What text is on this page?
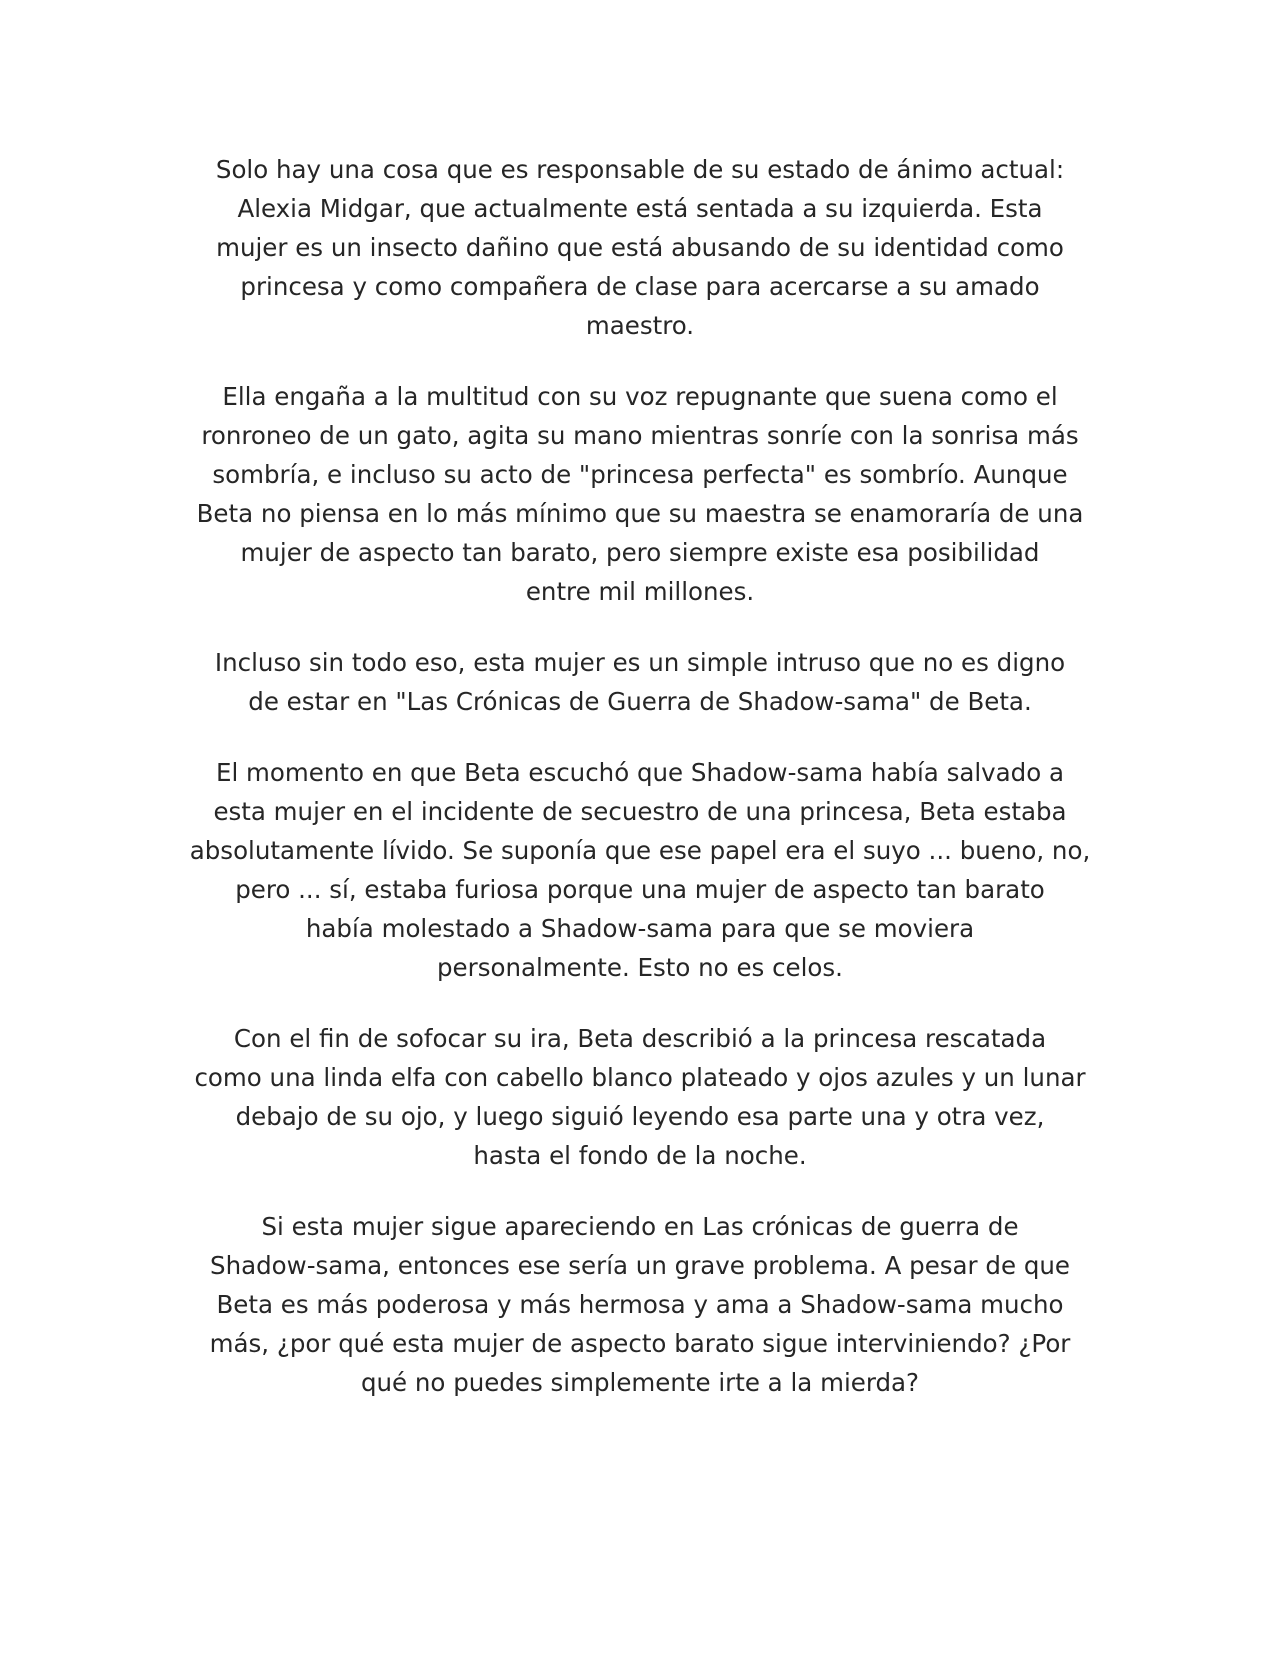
Solo hay una cosa que es responsable de su estado de ánimo actual:
Alexia Midgar, que actualmente está sentada a su izquierda. Esta
mujer es un insecto dañino que está abusando de su identidad como
princesa y como compañera de clase para acercarse a su amado
maestro.

Ella engaña a la multitud con su voz repugnante que suena como el
ronroneo de un gato, agita su mano mientras sonríe con la sonrisa más
sombría, e incluso su acto de "princesa perfecta" es sombrío. Aunque
Beta no piensa en lo más mínimo que su maestra se enamoraría de una
mujer de aspecto tan barato, pero siempre existe esa posibilidad
entre mil millones.

Incluso sin todo eso, esta mujer es un simple intruso que no es digno
de estar en "Las Crónicas de Guerra de Shadow-sama" de Beta.

El momento en que Beta escuchó que Shadow-sama había salvado a
esta mujer en el incidente de secuestro de una princesa, Beta estaba
absolutamente lívido. Se suponía que ese papel era el suyo ... bueno, no,
pero ... sí, estaba furiosa porque una mujer de aspecto tan barato
había molestado a Shadow-sama para que se moviera
personalmente. Esto no es celos.

Con el fin de sofocar su ira, Beta describió a la princesa rescatada
como una linda elfa con cabello blanco plateado y ojos azules y un lunar
debajo de su ojo, y luego siguió leyendo esa parte una y otra vez,
hasta el fondo de la noche.

Si esta mujer sigue apareciendo en Las crónicas de guerra de
Shadow-sama, entonces ese sería un grave problema. A pesar de que
Beta es más poderosa y más hermosa y ama a Shadow-sama mucho
más, ¿por qué esta mujer de aspecto barato sigue interviniendo? ¿Por
qué no puedes simplemente irte a la mierda?
